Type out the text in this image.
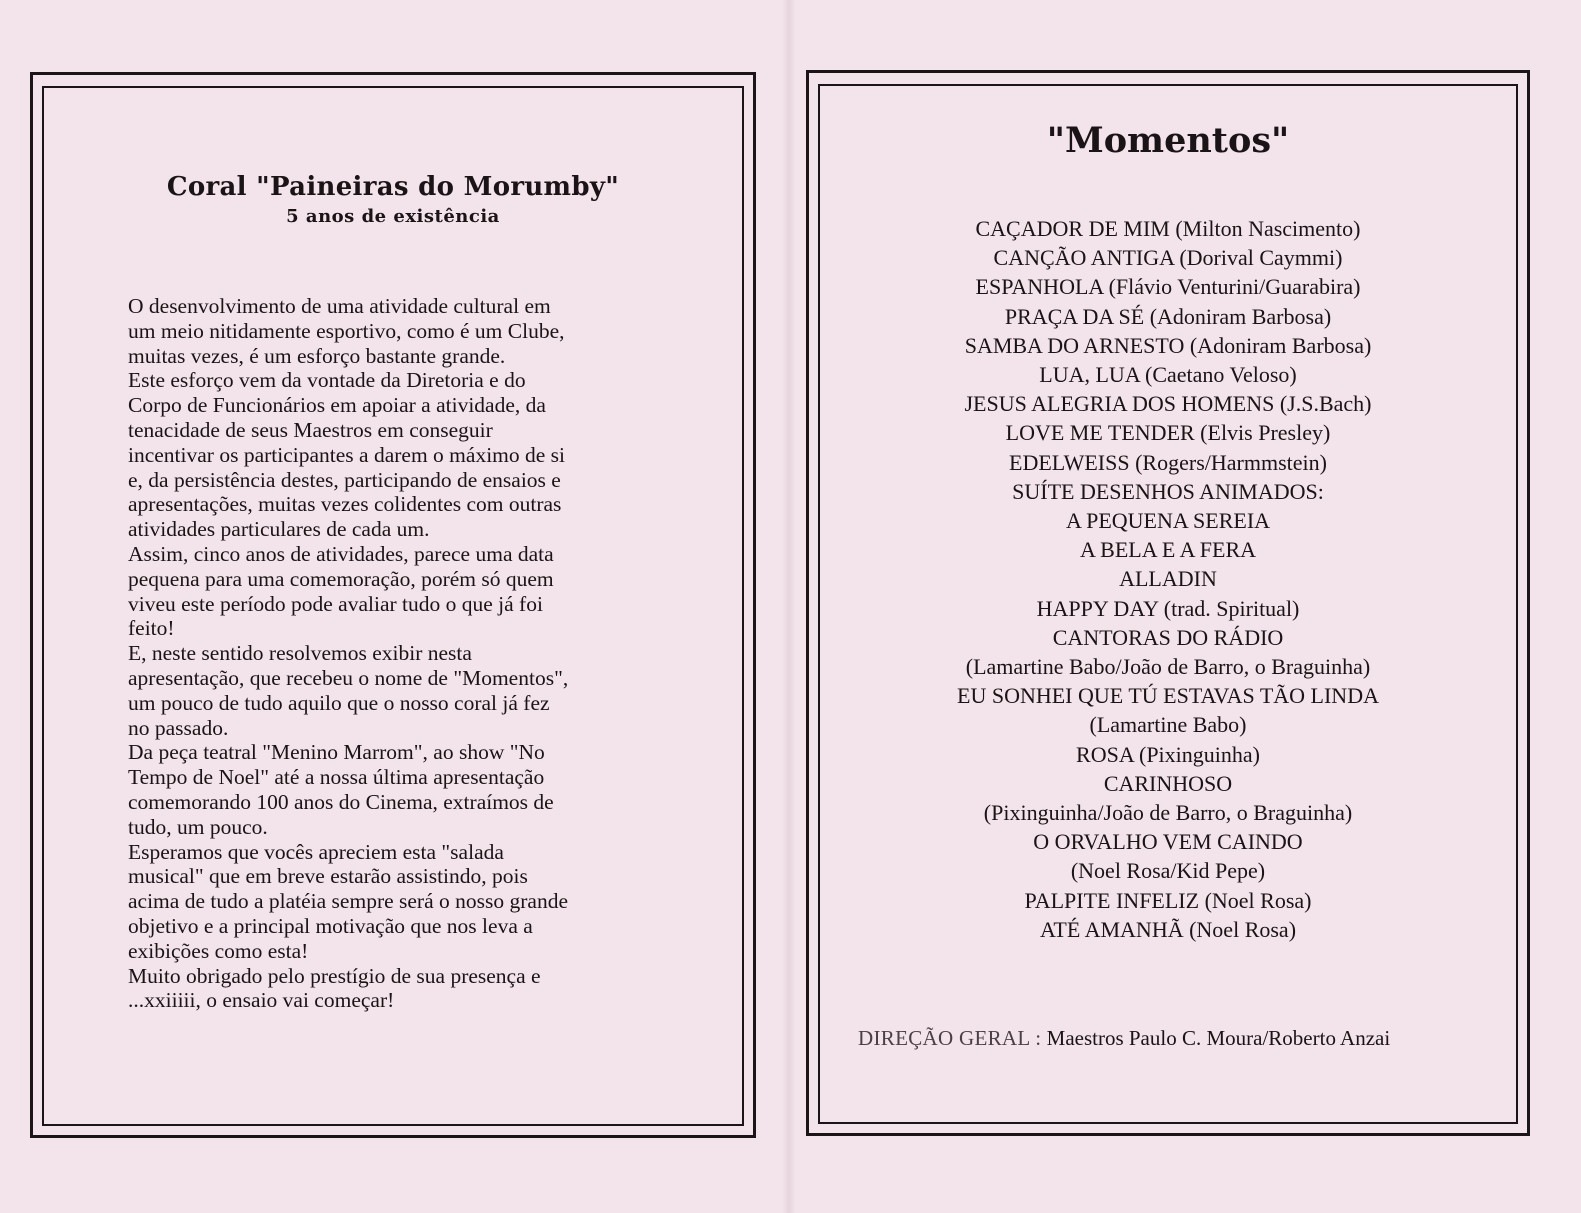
Coral "Paineiras do Morumby"
5 anos de existência

O desenvolvimento de uma atividade cultural em

um meio nitidamente esportivo, como é um Clube,

muitas vezes, é um esforço bastante grande.

Este esforço vem da vontade da Diretoria e do

Corpo de Funcionários em apoiar a atividade, da

tenacidade de seus Maestros em conseguir

incentivar os participantes a darem o máximo de si

e, da persistência destes, participando de ensaios e

apresentações, muitas vezes colidentes com outras

atividades particulares de cada um.

Assim, cinco anos de atividades, parece uma data

pequena para uma comemoração, porém só quem

viveu este período pode avaliar tudo o que já foi

feito!

E, neste sentido resolvemos exibir nesta

apresentação, que recebeu o nome de "Momentos",

um pouco de tudo aquilo que o nosso coral já fez

no passado.

Da peça teatral "Menino Marrom", ao show "No

Tempo de Noel" até a nossa última apresentação

comemorando 100 anos do Cinema, extraímos de

tudo, um pouco.

Esperamos que vocês apreciem esta "salada

musical" que em breve estarão assistindo, pois

acima de tudo a platéia sempre será o nosso grande

objetivo e a principal motivação que nos leva a

exibições como esta!

Muito obrigado pelo prestígio de sua presença e

...xxiiiii, o ensaio vai começar!

"Momentos"
CAÇADOR DE MIM (Milton Nascimento)
CANÇÃO ANTIGA (Dorival Caymmi)
ESPANHOLA (Flávio Venturini/Guarabira)
PRAÇA DA SÉ (Adoniram Barbosa)
SAMBA DO ARNESTO (Adoniram Barbosa)
LUA, LUA (Caetano Veloso)
JESUS ALEGRIA DOS HOMENS (J.S.Bach)
LOVE ME TENDER (Elvis Presley)
EDELWEISS (Rogers/Harmmstein)
SUÍTE DESENHOS ANIMADOS:
A PEQUENA SEREIA
A BELA E A FERA
ALLADIN
HAPPY DAY (trad. Spiritual)
CANTORAS DO RÁDIO
(Lamartine Babo/João de Barro, o Braguinha)
EU SONHEI QUE TÚ ESTAVAS TÃO LINDA
(Lamartine Babo)
ROSA (Pixinguinha)
CARINHOSO
(Pixinguinha/João de Barro, o Braguinha)
O ORVALHO VEM CAINDO
(Noel Rosa/Kid Pepe)
PALPITE INFELIZ (Noel Rosa)
ATÉ AMANHÃ (Noel Rosa)
DIREÇÃO GERAL : Maestros Paulo C. Moura/Roberto Anzai
